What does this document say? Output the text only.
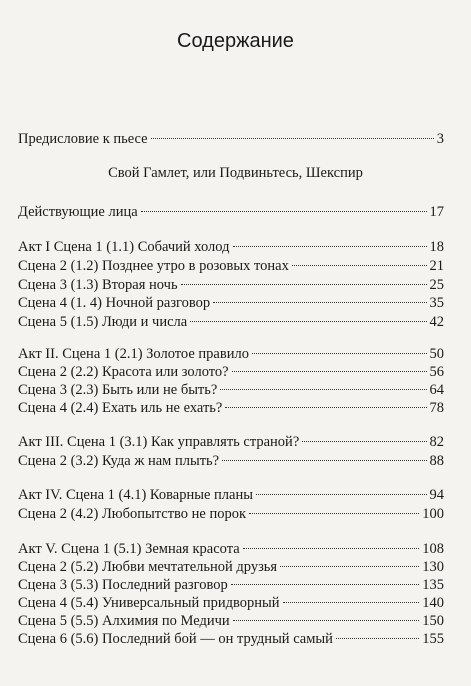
Содержание
Предисловие к пьесе	3
Свой Гамлет, или Подвиньтесь, Шекспир
Действующие лица	17
Акт I Сцена 1 (1.1) Собачий холод	18
Сцена 2 (1.2) Позднее утро в розовых тонах	21
Сцена 3 (1.3) Вторая ночь	25
Сцена 4 (1. 4) Ночной разговор	35
Сцена 5 (1.5) Люди и числа	42
Акт II. Сцена 1 (2.1) Золотое правило	50
Сцена 2 (2.2) Красота или золото?	56
Сцена 3 (2.3) Быть или не быть?	64
Сцена 4 (2.4) Ехать иль не ехать?	78
Акт III. Сцена 1 (3.1) Как управлять страной?	82
Сцена 2 (3.2) Куда ж нам плыть?	88
Акт IV. Сцена 1 (4.1) Коварные планы	94
Сцена 2 (4.2) Любопытство не порок	100
Акт V. Сцена 1 (5.1) Земная красота	108
Сцена 2 (5.2) Любви мечтательной друзья	130
Сцена 3 (5.3) Последний разговор	135
Сцена 4 (5.4) Универсальный придворный	140
Сцена 5 (5.5) Алхимия по Медичи	150
Сцена 6 (5.6) Последний бой — он трудный самый	155
